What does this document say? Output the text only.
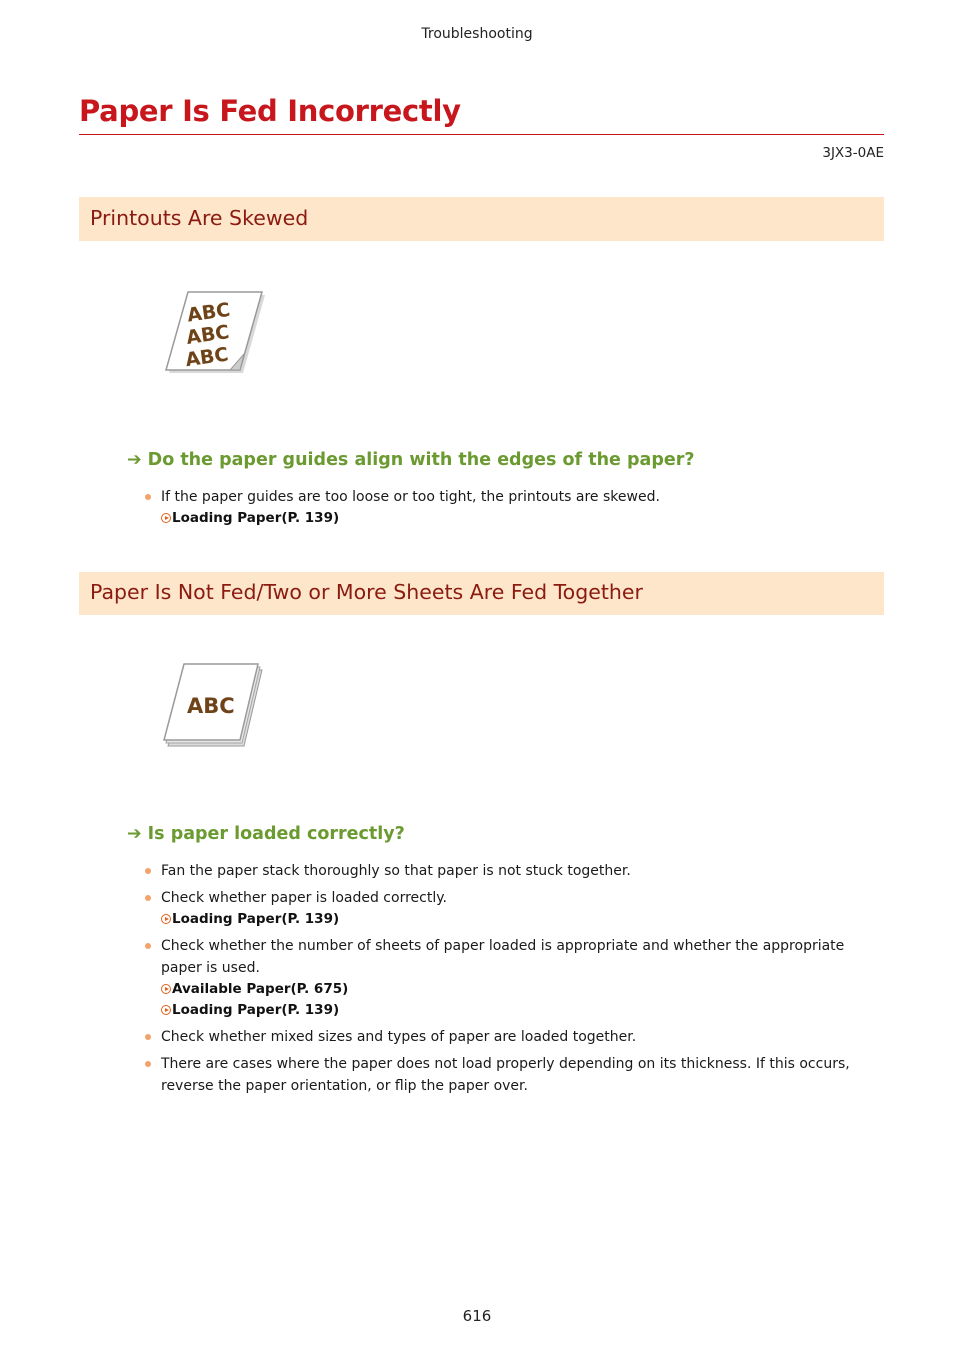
Troubleshooting
Paper Is Fed Incorrectly
3JX3-0AE
Printouts Are Skewed
ABC
ABC
ABC
➔ Do the paper guides align with the edges of the paper?
If the paper guides are too loose or too tight, the printouts are skewed.
Loading Paper(P. 139)
Paper Is Not Fed/Two or More Sheets Are Fed Together
ABC
➔ Is paper loaded correctly?
Fan the paper stack thoroughly so that paper is not stuck together.
Check whether paper is loaded correctly.
Loading Paper(P. 139)
Check whether the number of sheets of paper loaded is appropriate and whether the appropriate paper is used.
Available Paper(P. 675)
Loading Paper(P. 139)
Check whether mixed sizes and types of paper are loaded together.
There are cases where the paper does not load properly depending on its thickness. If this occurs, reverse the paper orientation, or flip the paper over.
616
